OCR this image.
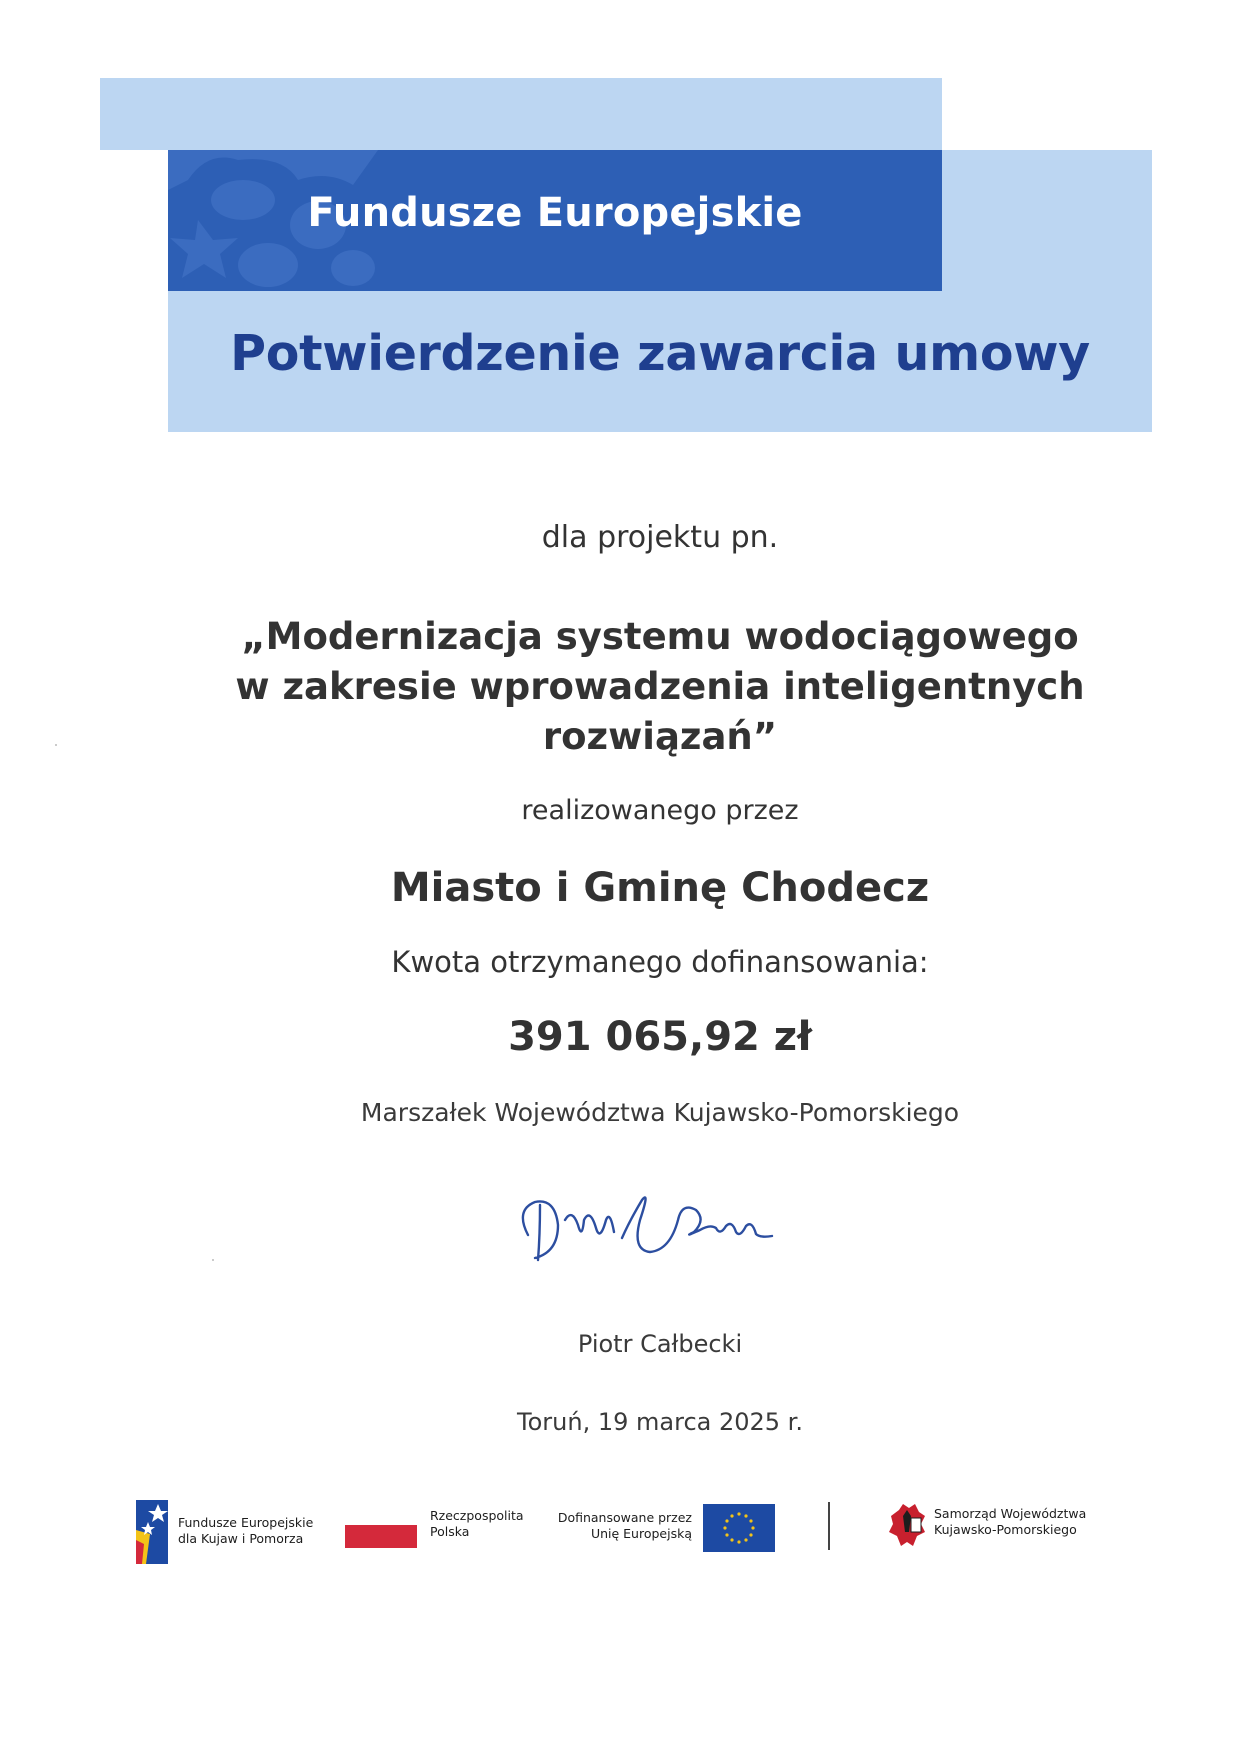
Fundusze Europejskie
Potwierdzenie zawarcia umowy
dla projektu pn.
„Modernizacja systemu wodociągowego
w zakresie wprowadzenia inteligentnych
rozwiązań”
realizowanego przez
Miasto i Gminę Chodecz
Kwota otrzymanego dofinansowania:
391 065,92 zł
Marszałek Województwa Kujawsko-Pomorskiego
Piotr Całbecki
Toruń, 19 marca 2025 r.
Fundusze Europejskie
dla Kujaw i Pomorza
Rzeczpospolita
Polska
Dofinansowane przez
Unię Europejską
Samorząd Województwa
Kujawsko-Pomorskiego
